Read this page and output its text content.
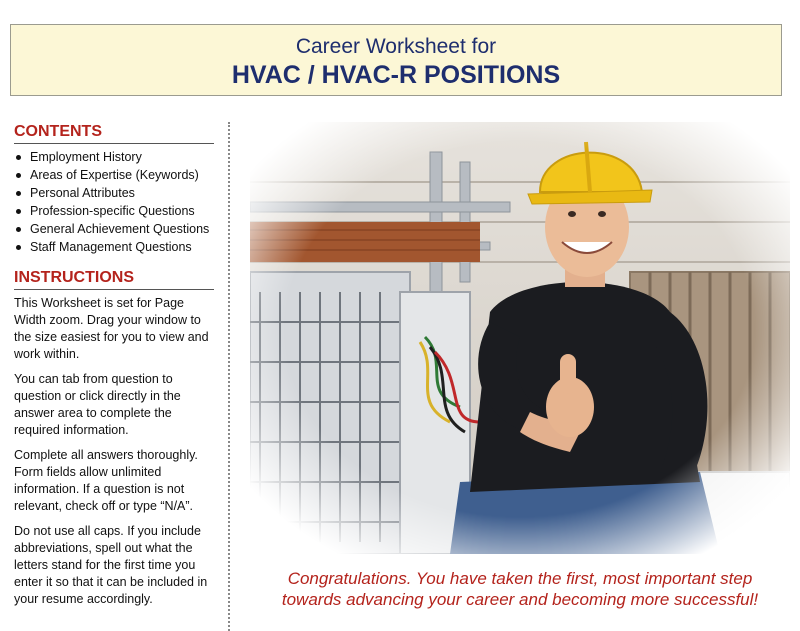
Career Worksheet for
HVAC / HVAC-R POSITIONS
CONTENTS
Employment History
Areas of Expertise (Keywords)
Personal Attributes
Profession-specific Questions
General Achievement Questions
Staff Management Questions
INSTRUCTIONS

This Worksheet is set for Page Width zoom. Drag your window to the size easiest for you to view and work within.

You can tab from question to question or click directly in the answer area to complete the required information.

Complete all answers thoroughly. Form fields allow unlimited information. If a question is not relevant, check off or type “N/A”.

Do not use all caps. If you include abbreviations, spell out what the letters stand for the first time you enter it so that it can be included in your resume accordingly.

Congratulations. You have taken the first, most important step
towards advancing your career and becoming more successful!
